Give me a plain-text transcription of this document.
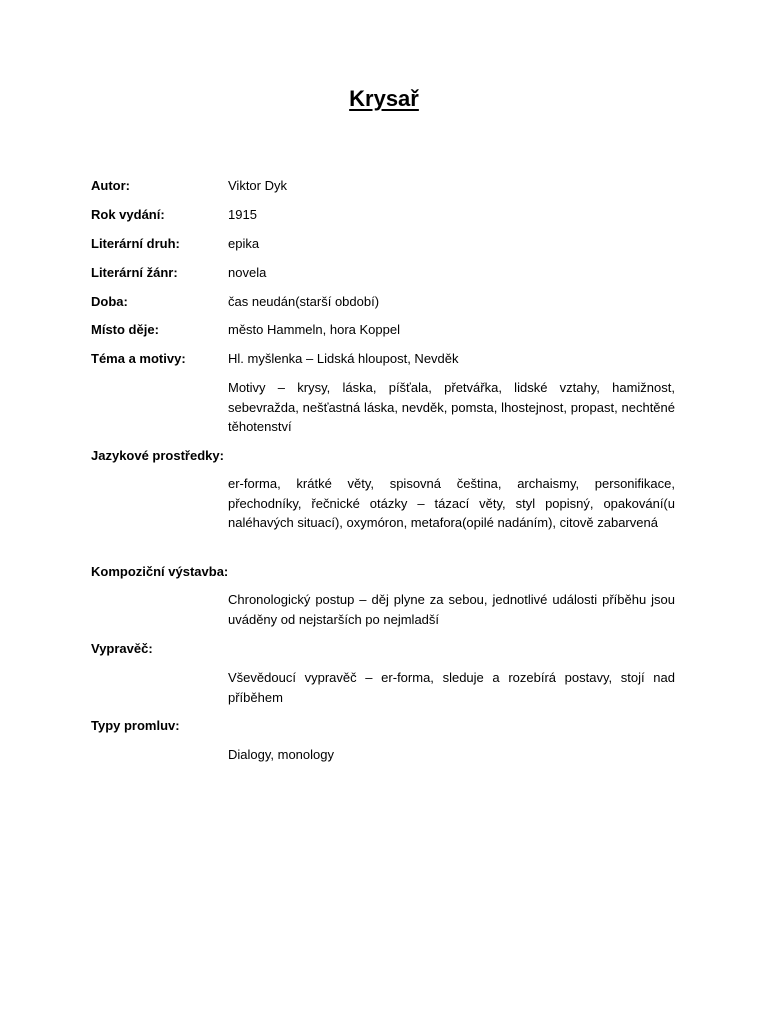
Krysař
Autor:	Viktor Dyk
Rok vydání:	1915
Literární druh:	epika
Literární žánr:	novela
Doba:	čas neudán(starší období)
Místo děje:	město Hammeln, hora Koppel
Téma a motivy:	Hl. myšlenka – Lidská hloupost, Nevděk
Motivy – krysy, láska, píšťala, přetvářka, lidské vztahy, hamižnost, sebevražda, nešťastná láska, nevděk, pomsta, lhostejnost, propast, nechtěné těhotenství
Jazykové prostředky:
er-forma, krátké věty, spisovná čeština, archaismy, personifikace, přechodníky, řečnické otázky – tázací věty, styl popisný, opakování(u naléhavých situací), oxymóron, metafora(opilé nadáním), citově zabarvená
Kompoziční výstavba:
Chronologický postup – děj plyne za sebou, jednotlivé události příběhu jsou uváděny od nejstarších po nejmladší
Vypravěč:
Vševědoucí vypravěč – er-forma, sleduje a rozebírá postavy, stojí nad příběhem
Typy promluv:
Dialogy, monology
